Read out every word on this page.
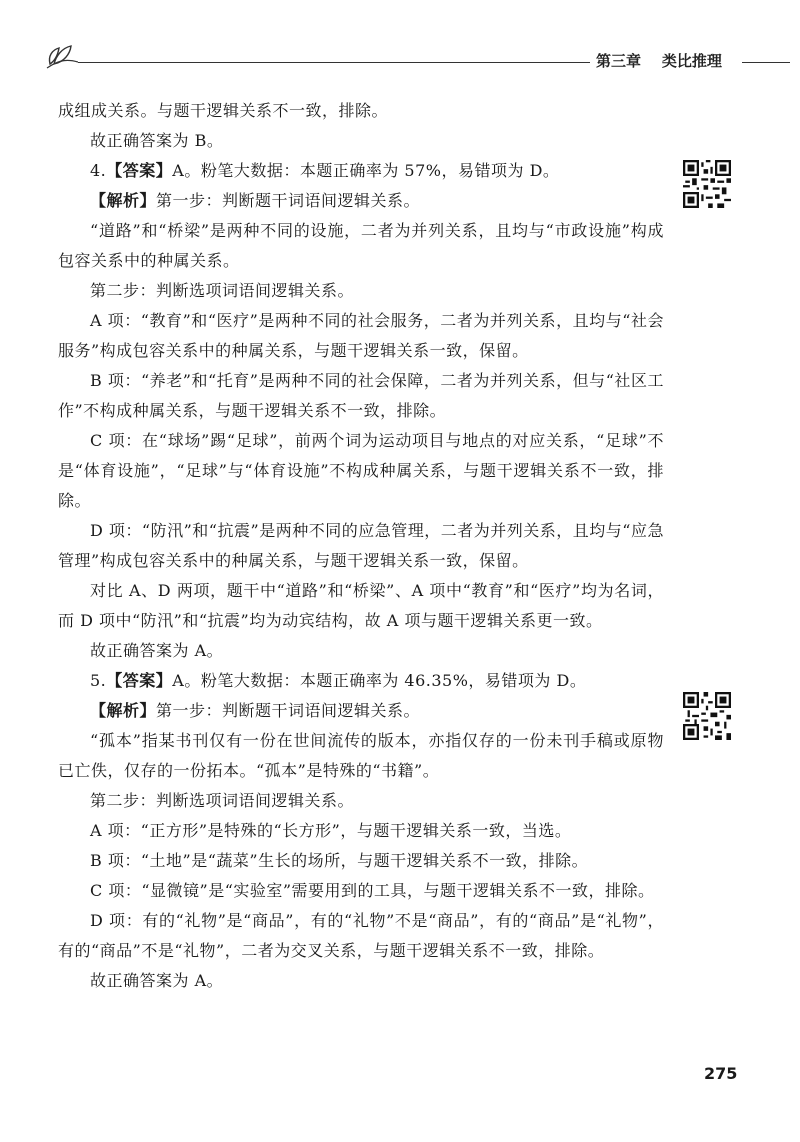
第三章 类比推理

成组成关系。与题干逻辑关系不一致，排除。

故正确答案为 B。

4.【答案】A。粉笔大数据：本题正确率为 57%，易错项为 D。

【解析】第一步：判断题干词语间逻辑关系。

“道路”和“桥梁”是两种不同的设施，二者为并列关系，且均与“市政设施”构成包容关系中的种属关系。

第二步：判断选项词语间逻辑关系。

A 项：“教育”和“医疗”是两种不同的社会服务，二者为并列关系，且均与“社会服务”构成包容关系中的种属关系，与题干逻辑关系一致，保留。

B 项：“养老”和“托育”是两种不同的社会保障，二者为并列关系，但与“社区工作”不构成种属关系，与题干逻辑关系不一致，排除。

C 项：在“球场”踢“足球”，前两个词为运动项目与地点的对应关系，“足球”不是“体育设施”，“足球”与“体育设施”不构成种属关系，与题干逻辑关系不一致，排除。

D 项：“防汛”和“抗震”是两种不同的应急管理，二者为并列关系，且均与“应急管理”构成包容关系中的种属关系，与题干逻辑关系一致，保留。

对比 A、D 两项，题干中“道路”和“桥梁”、A 项中“教育”和“医疗”均为名词，而 D 项中“防汛”和“抗震”均为动宾结构，故 A 项与题干逻辑关系更一致。

故正确答案为 A。

5.【答案】A。粉笔大数据：本题正确率为 46.35%，易错项为 D。

【解析】第一步：判断题干词语间逻辑关系。

“孤本”指某书刊仅有一份在世间流传的版本，亦指仅存的一份未刊手稿或原物已亡佚，仅存的一份拓本。“孤本”是特殊的“书籍”。

第二步：判断选项词语间逻辑关系。

A 项：“正方形”是特殊的“长方形”，与题干逻辑关系一致，当选。

B 项：“土地”是“蔬菜”生长的场所，与题干逻辑关系不一致，排除。

C 项：“显微镜”是“实验室”需要用到的工具，与题干逻辑关系不一致，排除。

D 项：有的“礼物”是“商品”，有的“礼物”不是“商品”，有的“商品”是“礼物”，有的“商品”不是“礼物”，二者为交叉关系，与题干逻辑关系不一致，排除。

故正确答案为 A。

275
